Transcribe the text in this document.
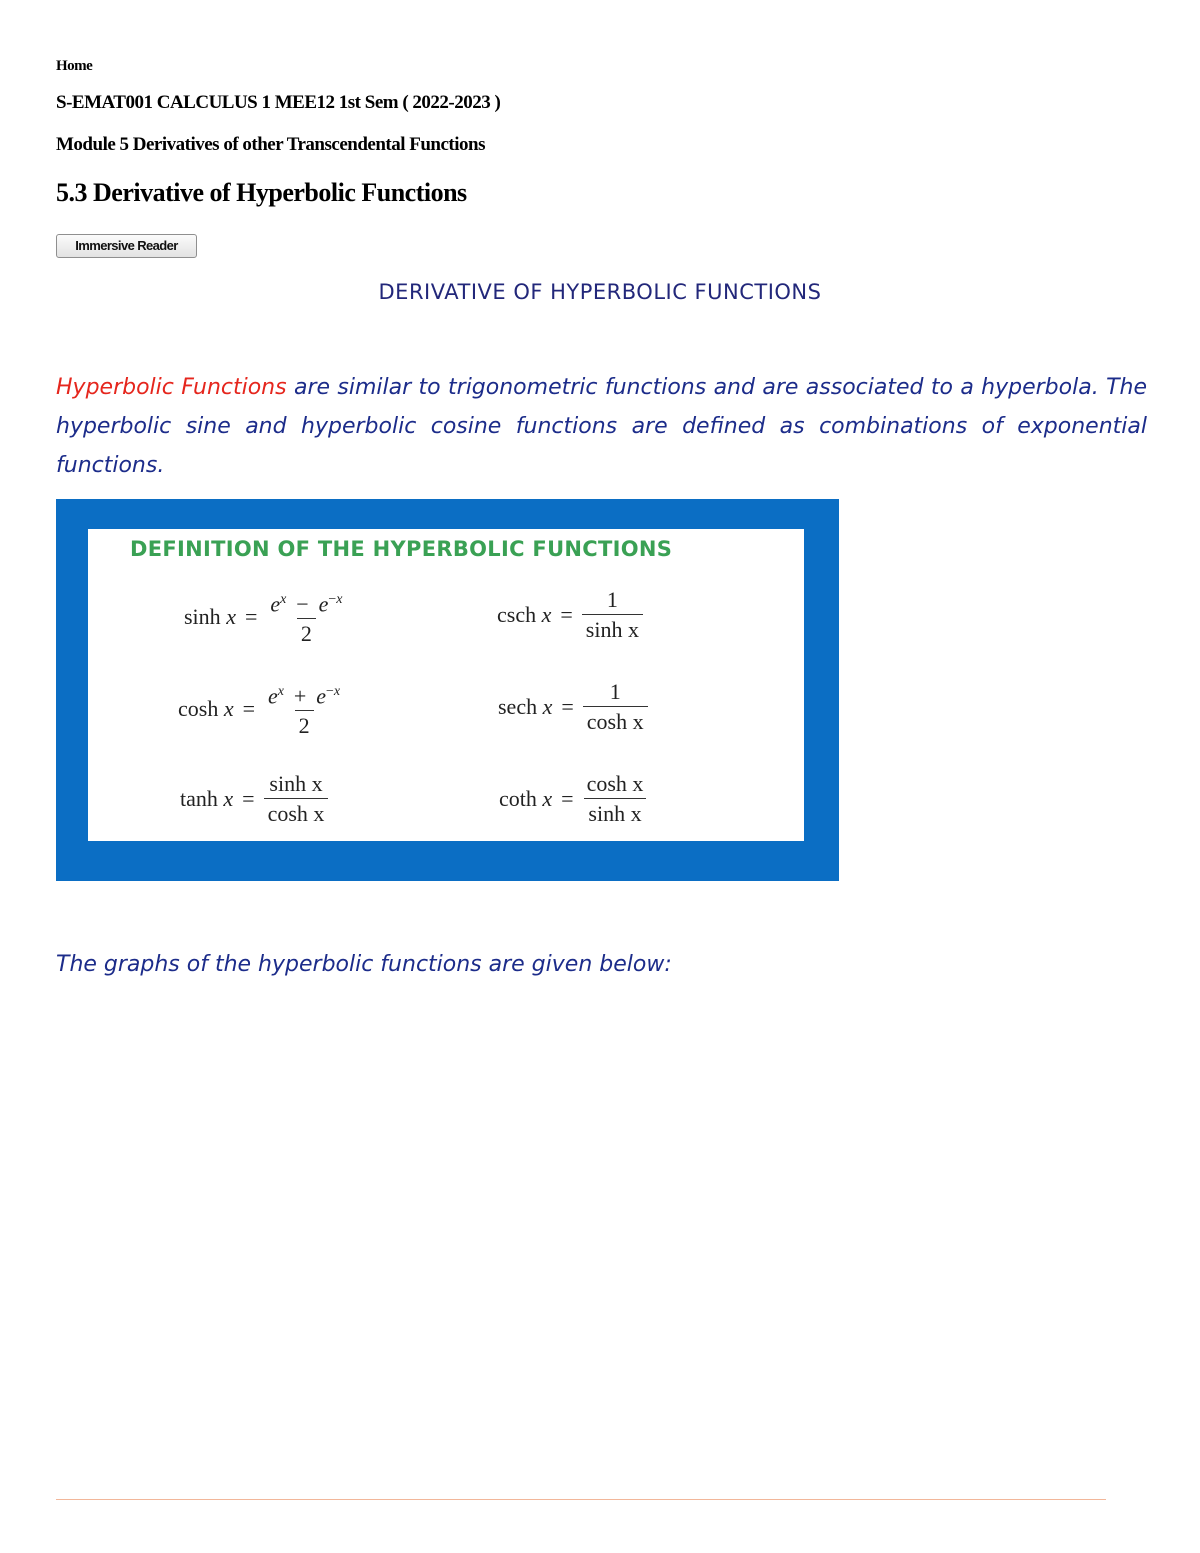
Home
S-EMAT001 CALCULUS 1 MEE12 1st Sem ( 2022-2023 )
Module 5 Derivatives of other Transcendental Functions
5.3 Derivative of Hyperbolic Functions
Immersive Reader
DERIVATIVE OF HYPERBOLIC FUNCTIONS

Hyperbolic Functions are similar to trigonometric functions and are associated to a hyperbola. The hyperbolic sine and hyperbolic cosine functions are defined as combinations of exponential functions.

DEFINITION OF THE HYPERBOLIC FUNCTIONS
$\sinh x = \frac{e^x - e^{-x}}{2}$
$\cosh x = \frac{e^x + e^{-x}}{2}$
$\tanh x = \frac{\text{sinh x}}{\text{cosh x}}$
csch $x = \frac{1}{\text{sinh x}}$
sech $x = \frac{1}{\text{cosh x}}$
coth $x = \frac{\text{cosh x}}{\text{sinh x}}$

The graphs of the hyperbolic functions are given below:
